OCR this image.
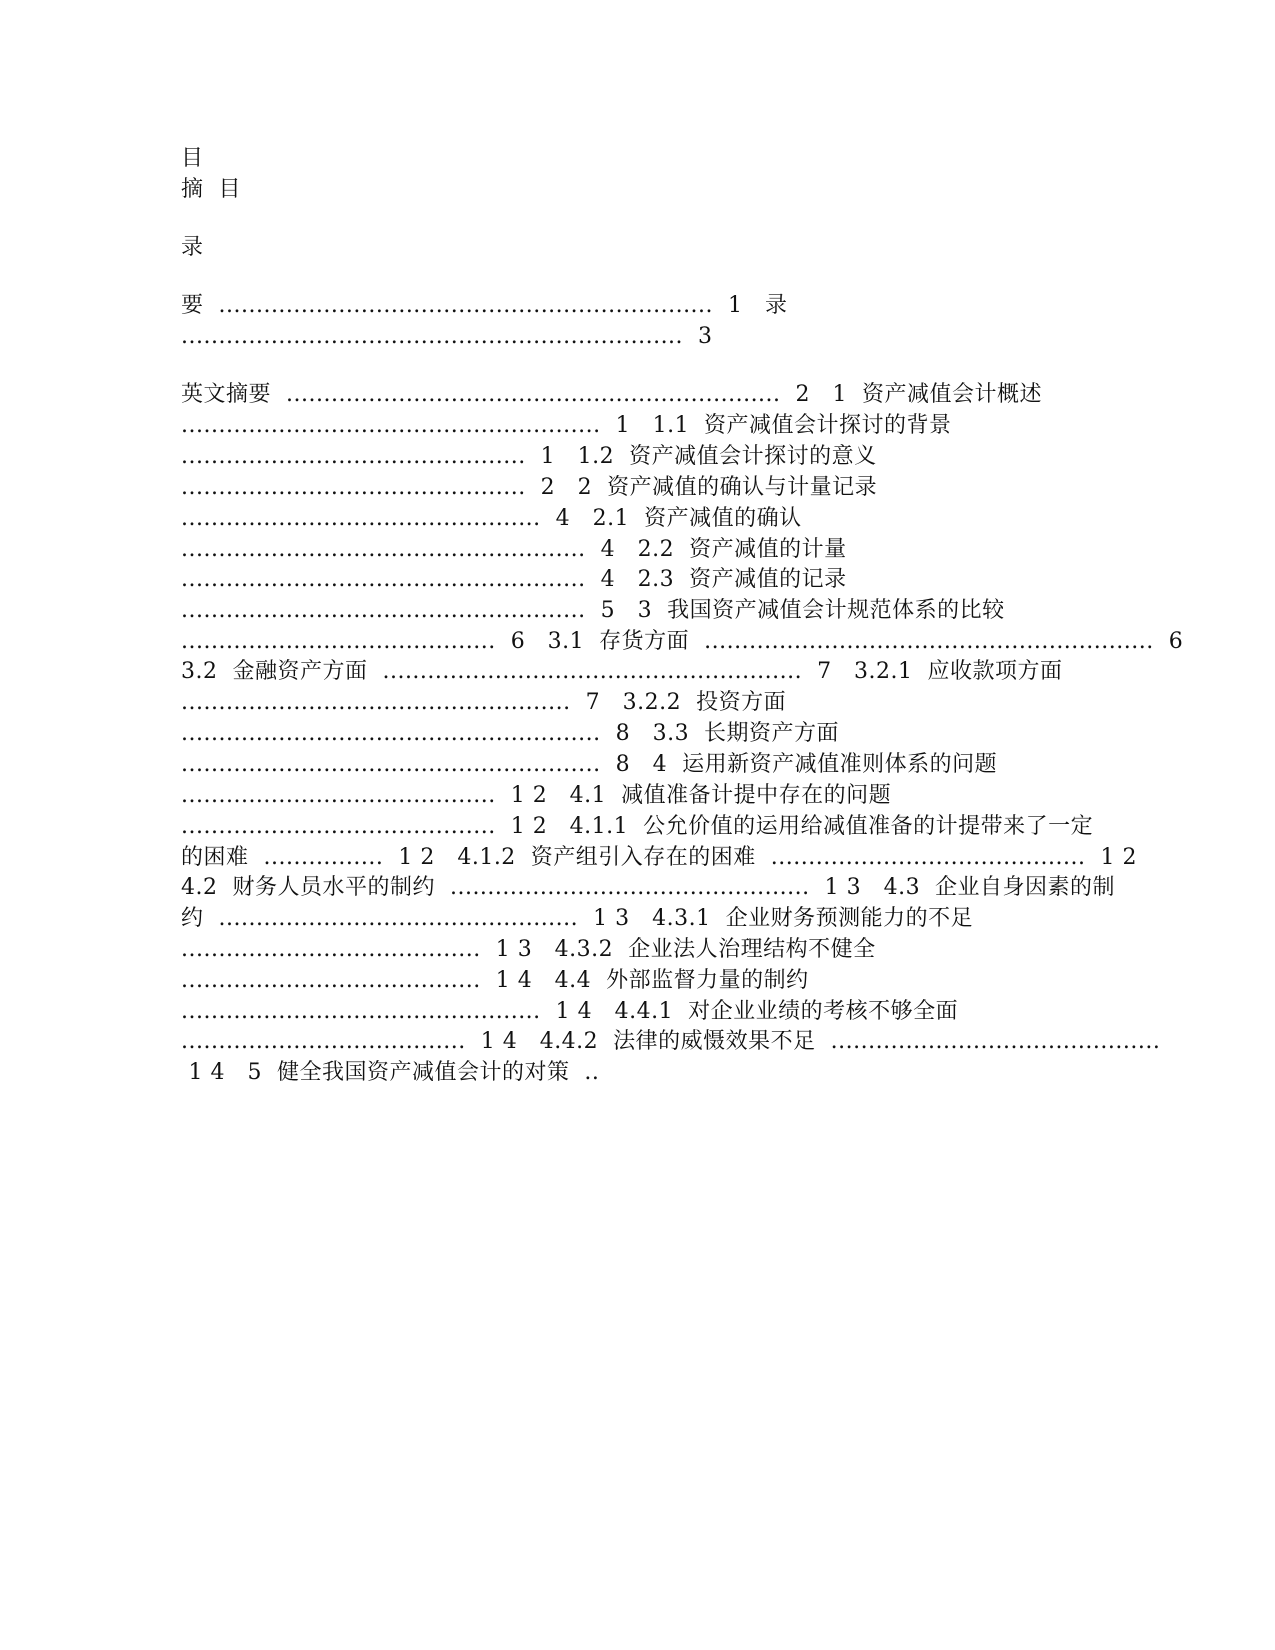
目
摘  目
录
要  ..................................................................  1   录
...................................................................  3
英文摘要  ..................................................................  2   1  资产减值会计概述
........................................................  1   1.1  资产减值会计探讨的背景
..............................................  1   1.2  资产减值会计探讨的意义
..............................................  2   2  资产减值的确认与计量记录
................................................  4   2.1  资产减值的确认
......................................................  4   2.2  资产减值的计量
......................................................  4   2.3  资产减值的记录
......................................................  5   3  我国资产减值会计规范体系的比较
..........................................  6   3.1  存货方面  ............................................................  6
3.2  金融资产方面  ........................................................  7   3.2.1  应收款项方面
....................................................  7   3.2.2  投资方面
........................................................  8   3.3  长期资产方面
........................................................  8   4  运用新资产减值准则体系的问题
..........................................  1 2   4.1  减值准备计提中存在的问题
..........................................  1 2   4.1.1  公允价值的运用给减值准备的计提带来了一定
的困难  ................  1 2   4.1.2  资产组引入存在的困难  ..........................................  1 2
4.2  财务人员水平的制约  ................................................  1 3   4.3  企业自身因素的制
约  ................................................  1 3   4.3.1  企业财务预测能力的不足
........................................  1 3   4.3.2  企业法人治理结构不健全
........................................  1 4   4.4  外部监督力量的制约
................................................  1 4   4.4.1  对企业业绩的考核不够全面
......................................  1 4   4.4.2  法律的威慑效果不足  ............................................
1 4   5  健全我国资产减值会计的对策  ..
